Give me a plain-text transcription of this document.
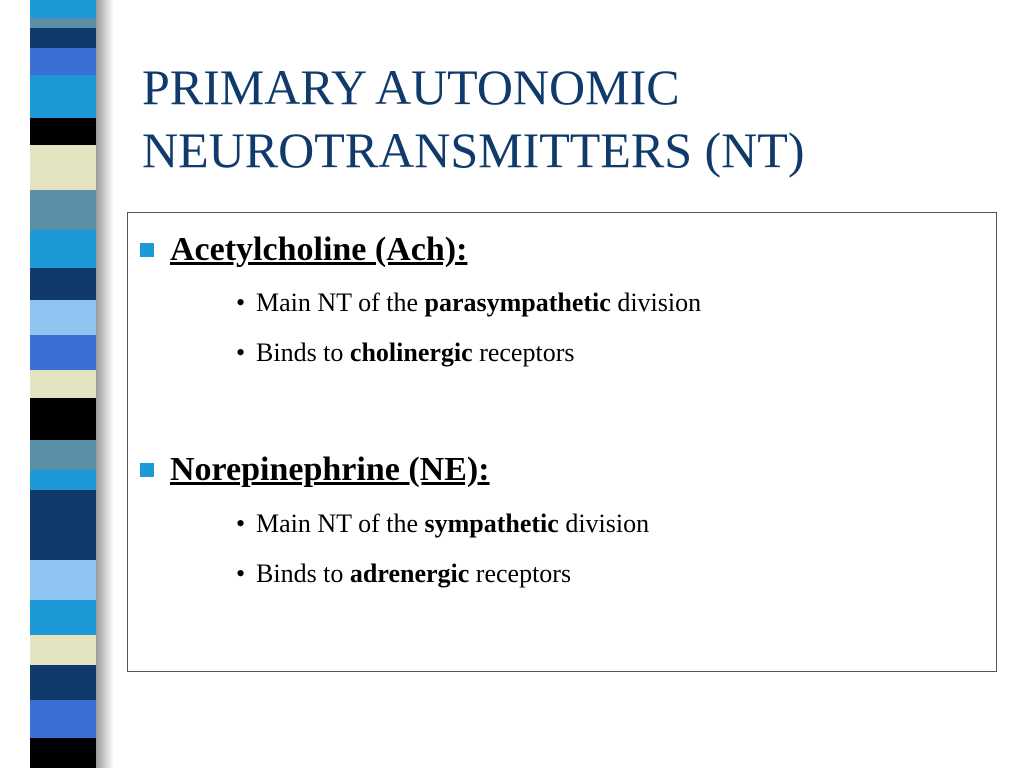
PRIMARY AUTONOMIC
NEUROTRANSMITTERS (NT)
Acetylcholine (Ach):
• Main NT of the parasympathetic division
• Binds to cholinergic receptors
Norepinephrine (NE):
• Main NT of the sympathetic division
• Binds to adrenergic receptors
